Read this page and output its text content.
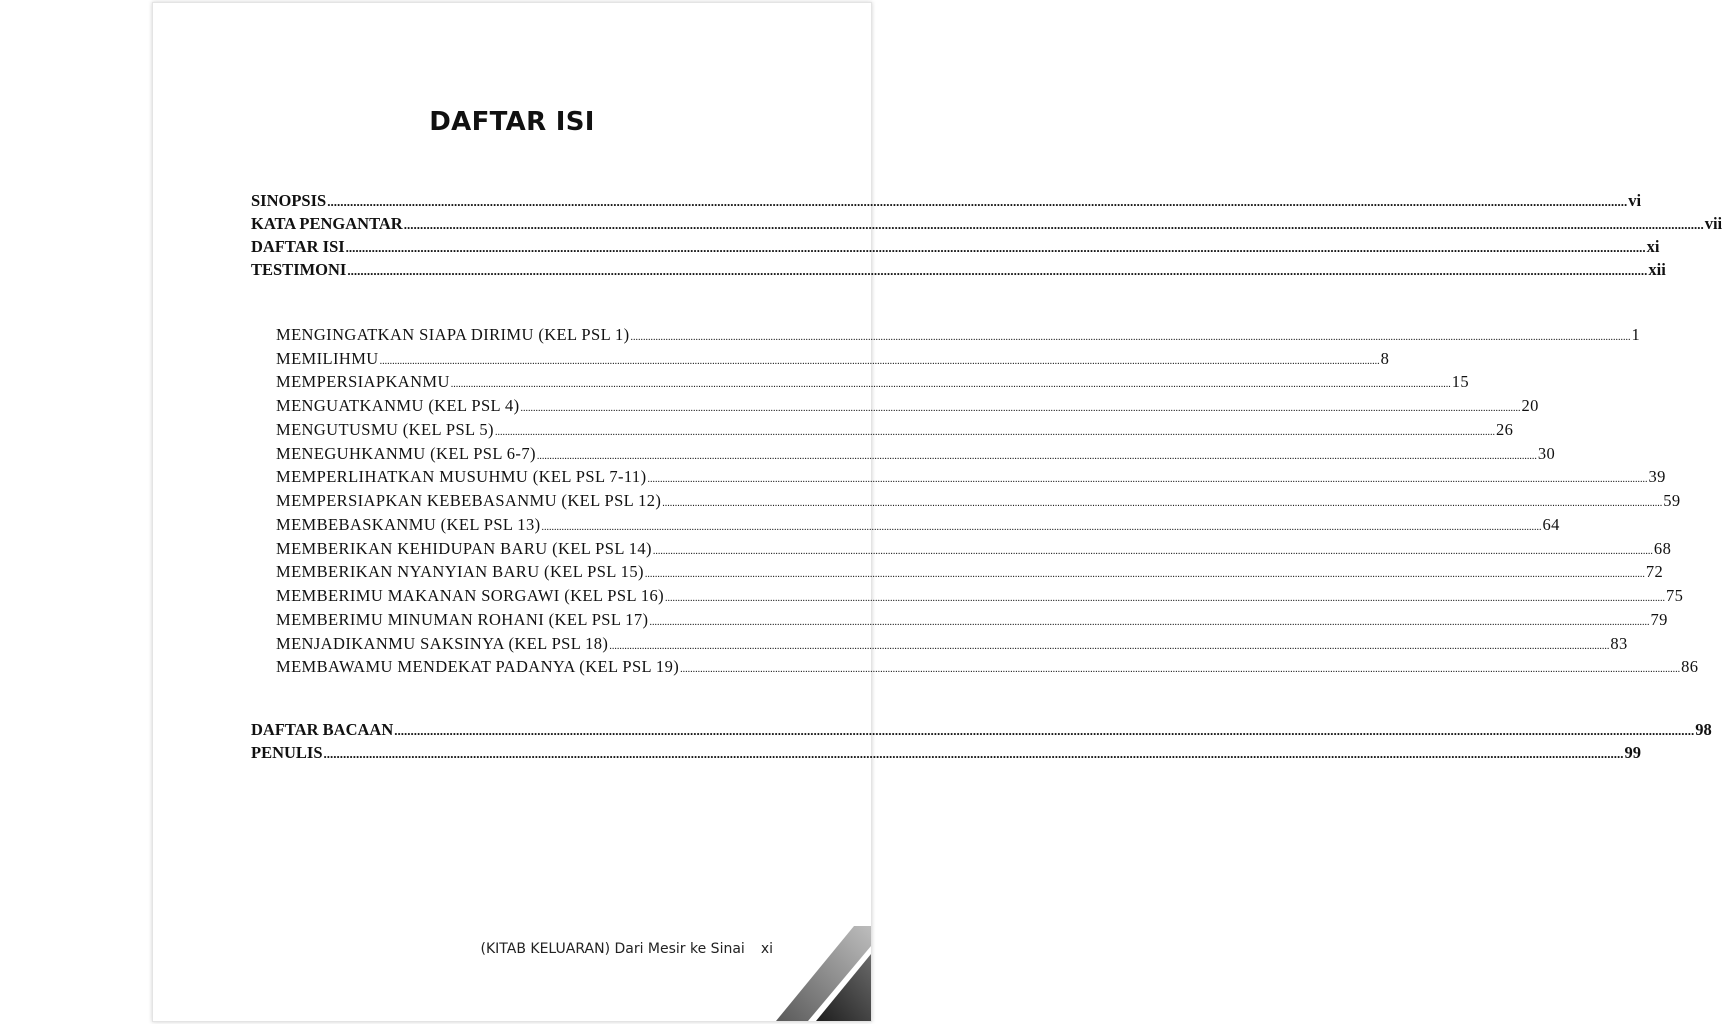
DAFTAR ISI
SINOPSIS ................................................................................................................................................................................................................................................................................................................................................................................................................ vi
KATA PENGANTAR ................................................................................................................................................................................................................................................................................................................................................................................................................ vii
DAFTAR ISI ................................................................................................................................................................................................................................................................................................................................................................................................................ xi
TESTIMONI ................................................................................................................................................................................................................................................................................................................................................................................................................ xii
MENGINGATKAN SIAPA DIRIMU (KEL PSL 1) ................................................................................................................................................................................................................................................................................................................................................................................................................ 1
MEMILIHMU ................................................................................................................................................................................................................................................................................................................................................................................................................ 8
MEMPERSIAPKANMU ................................................................................................................................................................................................................................................................................................................................................................................................................ 15
MENGUATKANMU (KEL PSL 4) ................................................................................................................................................................................................................................................................................................................................................................................................................ 20
MENGUTUSMU (KEL PSL 5) ................................................................................................................................................................................................................................................................................................................................................................................................................ 26
MENEGUHKANMU (KEL PSL 6-7) ................................................................................................................................................................................................................................................................................................................................................................................................................ 30
MEMPERLIHATKAN MUSUHMU (KEL PSL 7-11) ................................................................................................................................................................................................................................................................................................................................................................................................................ 39
MEMPERSIAPKAN KEBEBASANMU (KEL PSL 12) ................................................................................................................................................................................................................................................................................................................................................................................................................ 59
MEMBEBASKANMU (KEL PSL 13) ................................................................................................................................................................................................................................................................................................................................................................................................................ 64
MEMBERIKAN KEHIDUPAN BARU (KEL PSL 14) ................................................................................................................................................................................................................................................................................................................................................................................................................ 68
MEMBERIKAN NYANYIAN BARU (KEL PSL 15) ................................................................................................................................................................................................................................................................................................................................................................................................................ 72
MEMBERIMU MAKANAN SORGAWI (KEL PSL 16) ................................................................................................................................................................................................................................................................................................................................................................................................................ 75
MEMBERIMU MINUMAN ROHANI (KEL PSL 17) ................................................................................................................................................................................................................................................................................................................................................................................................................ 79
MENJADIKANMU SAKSINYA (KEL PSL 18) ................................................................................................................................................................................................................................................................................................................................................................................................................ 83
MEMBAWAMU MENDEKAT PADANYA (KEL PSL 19) ................................................................................................................................................................................................................................................................................................................................................................................................................ 86
DAFTAR BACAAN ................................................................................................................................................................................................................................................................................................................................................................................................................ 98
PENULIS ................................................................................................................................................................................................................................................................................................................................................................................................................ 99
(KITAB KELUARAN) Dari Mesir ke Sinai xi
